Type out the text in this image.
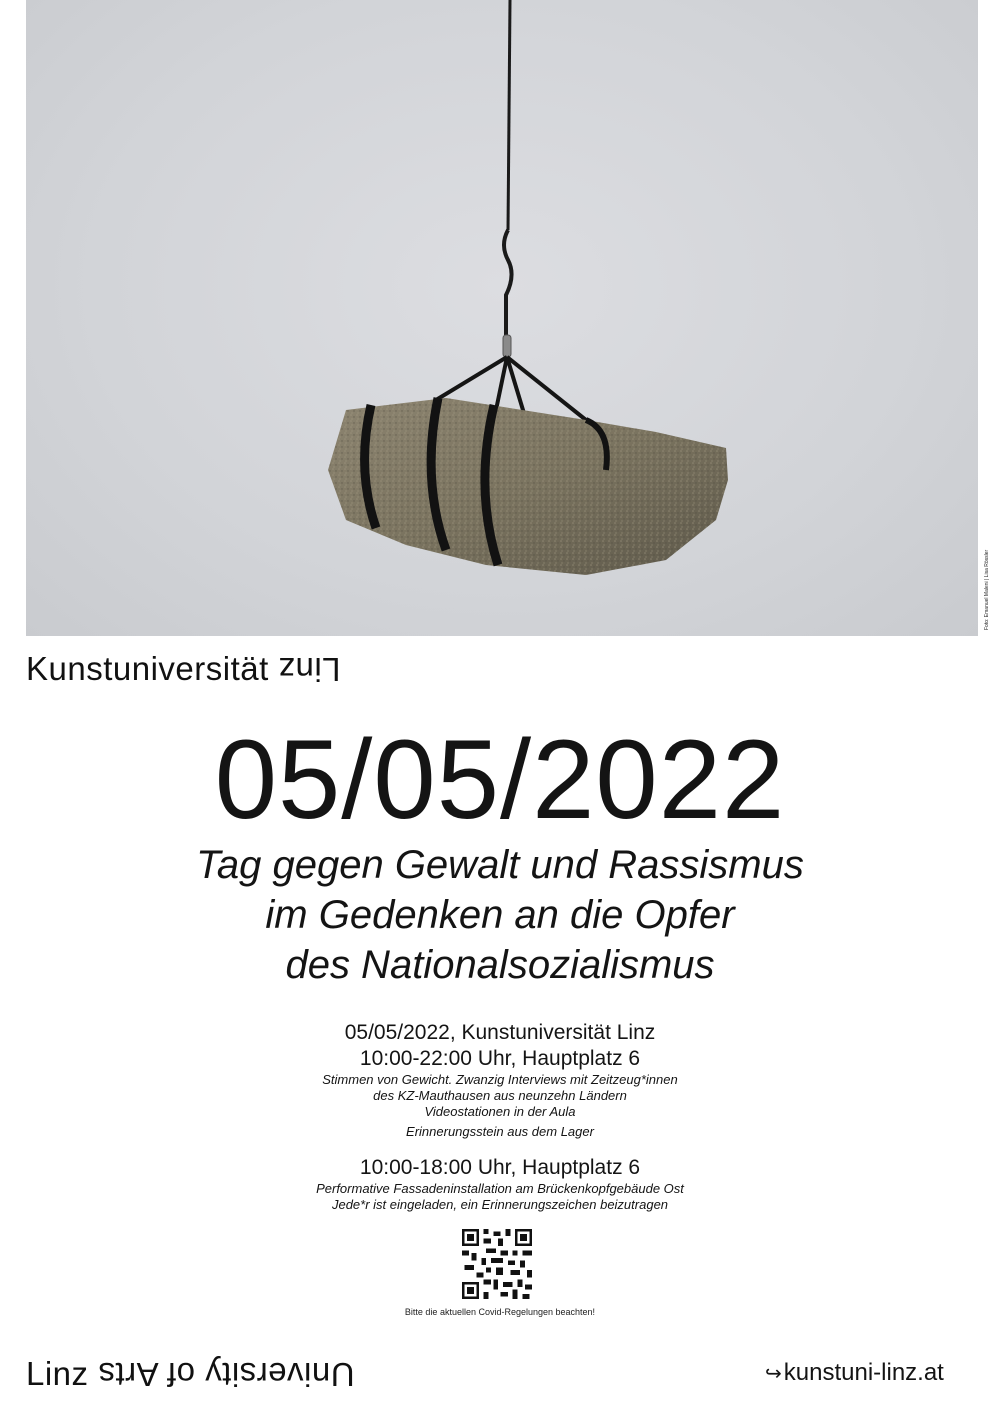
Foto: Emanuel Maleni | Lisa Rössler
Kunstuniversität Linz
05/05/2022
Tag gegen Gewalt und Rassismus
im Gedenken an die Opfer
des Nationalsozialismus
05/05/2022, Kunstuniversität Linz
10:00-22:00 Uhr, Hauptplatz 6
Stimmen von Gewicht. Zwanzig Interviews mit Zeitzeug*innen
des KZ-Mauthausen aus neunzehn Ländern
Videostationen in der Aula
Erinnerungsstein aus dem Lager
10:00-18:00 Uhr, Hauptplatz 6
Performative Fassadeninstallation am Brückenkopfgebäude Ost
Jede*r ist eingeladen, ein Erinnerungszeichen beizutragen
Bitte die aktuellen Covid-Regelungen beachten!
Linz University of Arts	↪kunstuni-linz.at
